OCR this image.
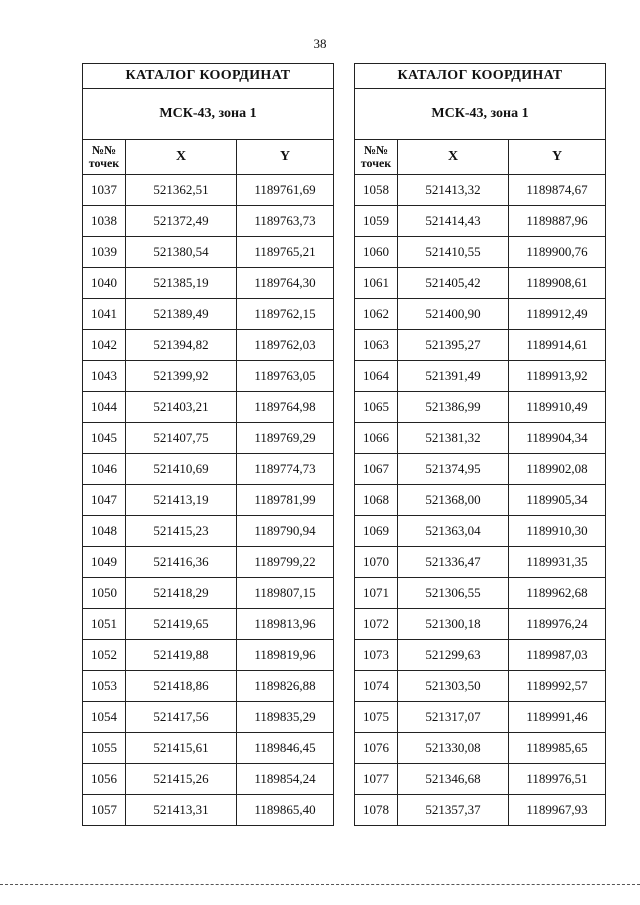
38
КАТАЛОГ КООРДИНАТ		
МСК-43, зона 1		
№№ точек	X	Y
1037	521362,51	1189761,69
1038	521372,49	1189763,73
1039	521380,54	1189765,21
1040	521385,19	1189764,30
1041	521389,49	1189762,15
1042	521394,82	1189762,03
1043	521399,92	1189763,05
1044	521403,21	1189764,98
1045	521407,75	1189769,29
1046	521410,69	1189774,73
1047	521413,19	1189781,99
1048	521415,23	1189790,94
1049	521416,36	1189799,22
1050	521418,29	1189807,15
1051	521419,65	1189813,96
1052	521419,88	1189819,96
1053	521418,86	1189826,88
1054	521417,56	1189835,29
1055	521415,61	1189846,45
1056	521415,26	1189854,24
1057	521413,31	1189865,40
КАТАЛОГ КООРДИНАТ		
МСК-43, зона 1		
№№ точек	X	Y
1058	521413,32	1189874,67
1059	521414,43	1189887,96
1060	521410,55	1189900,76
1061	521405,42	1189908,61
1062	521400,90	1189912,49
1063	521395,27	1189914,61
1064	521391,49	1189913,92
1065	521386,99	1189910,49
1066	521381,32	1189904,34
1067	521374,95	1189902,08
1068	521368,00	1189905,34
1069	521363,04	1189910,30
1070	521336,47	1189931,35
1071	521306,55	1189962,68
1072	521300,18	1189976,24
1073	521299,63	1189987,03
1074	521303,50	1189992,57
1075	521317,07	1189991,46
1076	521330,08	1189985,65
1077	521346,68	1189976,51
1078	521357,37	1189967,93
